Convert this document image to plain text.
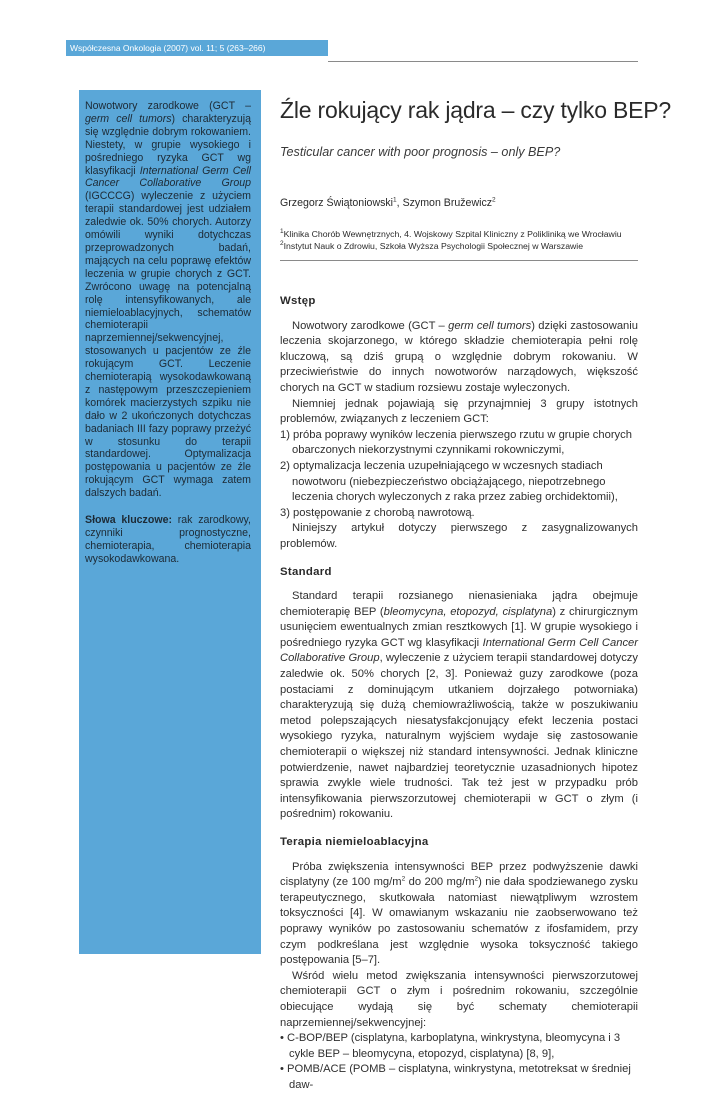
Współczesna Onkologia (2007) vol. 11; 5 (263–266)

Nowotwory zarodkowe (GCT – germ cell tumors) charakteryzują się względnie dobrym rokowaniem. Niestety, w grupie wysokiego i pośredniego ryzyka GCT wg klasyfikacji International Germ Cell Cancer Collaborative Group (IGCCCG) wyleczenie z użyciem terapii standardowej jest udziałem zaledwie ok. 50% chorych. Autorzy omówili wyniki dotychczas przeprowadzonych badań, mających na celu poprawę efektów leczenia w grupie chorych z GCT. Zwrócono uwagę na potencjalną rolę intensyfikowanych, ale niemieloablacyjnych, schematów chemioterapii naprzemiennej/sekwencyjnej, stosowanych u pacjentów ze źle rokującym GCT. Leczenie chemioterapią wysokodawkowaną z następowym przeszczepieniem komórek macierzystych szpiku nie dało w 2 ukończonych dotychczas badaniach III fazy poprawy przeżyć w stosunku do terapii standardowej. Optymalizacja postępowania u pacjentów ze źle rokującym GCT wymaga zatem dalszych badań.

Słowa kluczowe: rak zarodkowy, czynniki prognostyczne, chemioterapia, chemioterapia wysokodawkowana.

Źle rokujący rak jądra – czy tylko BEP?
Testicular cancer with poor prognosis – only BEP?
Grzegorz Świątoniowski$^1$, Szymon Bružewicz$^2$
$^1$Klinika Chorób Wewnętrznych, 4. Wojskowy Szpital Kliniczny z Polikliniką we Wrocławiu
$^2$Instytut Nauk o Zdrowiu, Szkoła Wyższa Psychologii Społecznej w Warszawie
Wstęp

Nowotwory zarodkowe (GCT – germ cell tumors) dzięki zastosowaniu leczenia skojarzonego, w którego składzie chemioterapia pełni rolę kluczową, są dziś grupą o względnie dobrym rokowaniu. W przeciwieństwie do innych nowotworów narządowych, większość chorych na GCT w stadium rozsiewu zostaje wyleczonych.

Niemniej jednak pojawiają się przynajmniej 3 grupy istotnych problemów, związanych z leczeniem GCT:

1) próba poprawy wyników leczenia pierwszego rzutu w grupie chorych obarczonych niekorzystnymi czynnikami rokowniczymi,

2) optymalizacja leczenia uzupełniającego w wczesnych stadiach nowotworu (niebezpieczeństwo obciążającego, niepotrzebnego leczenia chorych wyleczonych z raka przez zabieg orchidektomii),

3) postępowanie z chorobą nawrotową.

Niniejszy artykuł dotyczy pierwszego z zasygnalizowanych problemów.

Standard

Standard terapii rozsianego nienasieniaka jądra obejmuje chemioterapię BEP (bleomycyna, etopozyd, cisplatyna) z chirurgicznym usunięciem ewentualnych zmian resztkowych [1]. W grupie wysokiego i pośredniego ryzyka GCT wg klasyfikacji International Germ Cell Cancer Collaborative Group, wyleczenie z użyciem terapii standardowej dotyczy zaledwie ok. 50% chorych [2, 3]. Ponieważ guzy zarodkowe (poza postaciami z dominującym utkaniem dojrzałego potworniaka) charakteryzują się dużą chemiowrażliwością, także w poszukiwaniu metod polepszających niesatysfakcjonujący efekt leczenia postaci wysokiego ryzyka, naturalnym wyjściem wydaje się zastosowanie chemioterapii o większej niż standard intensywności. Jednak kliniczne potwierdzenie, nawet najbardziej teoretycznie uzasadnionych hipotez sprawia zwykle wiele trudności. Tak też jest w przypadku prób intensyfikowania pierwszorzutowej chemioterapii w GCT o złym (i pośrednim) rokowaniu.

Terapia niemieloablacyjna

Próba zwiększenia intensywności BEP przez podwyższenie dawki cisplatyny (ze 100 $mg/m^2$ do 200 $mg/m^2$) nie dała spodziewanego zysku terapeutycznego, skutkowała natomiast niewątpliwym wzrostem toksyczności [4]. W omawianym wskazaniu nie zaobserwowano też poprawy wyników po zastosowaniu schematów z ifosfamidem, przy czym podkreślana jest względnie wysoka toksyczność takiego postępowania [5–7].

Wśród wielu metod zwiększania intensywności pierwszorzutowej chemioterapii GCT o złym i pośrednim rokowaniu, szczególnie obiecujące wydają się być schematy chemioterapii naprzemiennej/sekwencyjnej:

• C-BOP/BEP (cisplatyna, karboplatyna, winkrystyna, bleomycyna i 3 cykle BEP – bleomycyna, etopozyd, cisplatyna) [8, 9],

• POMB/ACE (POMB – cisplatyna, winkrystyna, metotreksat w średniej daw-
